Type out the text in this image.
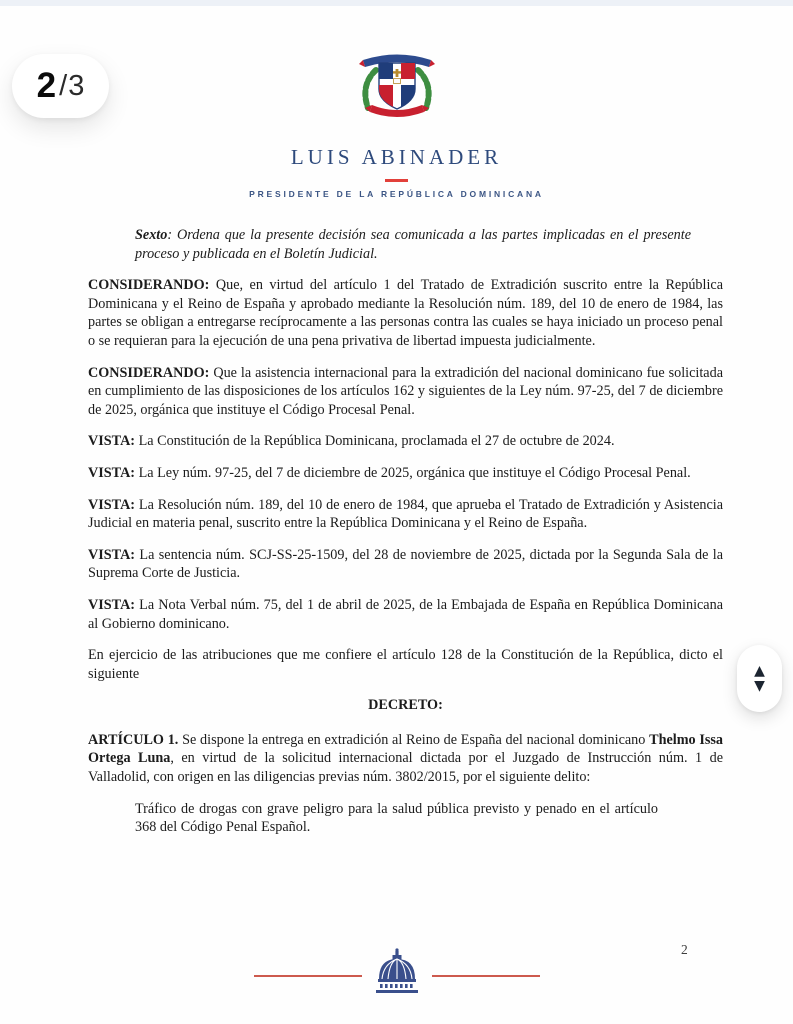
2 / 3
LUIS ABINADER
PRESIDENTE DE LA REPÚBLICA DOMINICANA

Sexto: Ordena que la presente decisión sea comunicada a las partes implicadas en el presente proceso y publicada en el Boletín Judicial.

CONSIDERANDO: Que, en virtud del artículo 1 del Tratado de Extradición suscrito entre la República Dominicana y el Reino de España y aprobado mediante la Resolución núm. 189, del 10 de enero de 1984, las partes se obligan a entregarse recíprocamente a las personas contra las cuales se haya iniciado un proceso penal o se requieran para la ejecución de una pena privativa de libertad impuesta judicialmente.

CONSIDERANDO: Que la asistencia internacional para la extradición del nacional dominicano fue solicitada en cumplimiento de las disposiciones de los artículos 162 y siguientes de la Ley núm. 97-25, del 7 de diciembre de 2025, orgánica que instituye el Código Procesal Penal.

VISTA: La Constitución de la República Dominicana, proclamada el 27 de octubre de 2024.

VISTA: La Ley núm. 97-25, del 7 de diciembre de 2025, orgánica que instituye el Código Procesal Penal.

VISTA: La Resolución núm. 189, del 10 de enero de 1984, que aprueba el Tratado de Extradición y Asistencia Judicial en materia penal, suscrito entre la República Dominicana y el Reino de España.

VISTA: La sentencia núm. SCJ-SS-25-1509, del 28 de noviembre de 2025, dictada por la Segunda Sala de la Suprema Corte de Justicia.

VISTA: La Nota Verbal núm. 75, del 1 de abril de 2025, de la Embajada de España en República Dominicana al Gobierno dominicano.

En ejercicio de las atribuciones que me confiere el artículo 128 de la Constitución de la República, dicto el siguiente

DECRETO:

ARTÍCULO 1. Se dispone la entrega en extradición al Reino de España del nacional dominicano Thelmo Issa Ortega Luna, en virtud de la solicitud internacional dictada por el Juzgado de Instrucción núm. 1 de Valladolid, con origen en las diligencias previas núm. 3802/2015, por el siguiente delito:

Tráfico de drogas con grave peligro para la salud pública previsto y penado en el artículo 368 del Código Penal Español.

2
▲
▼
